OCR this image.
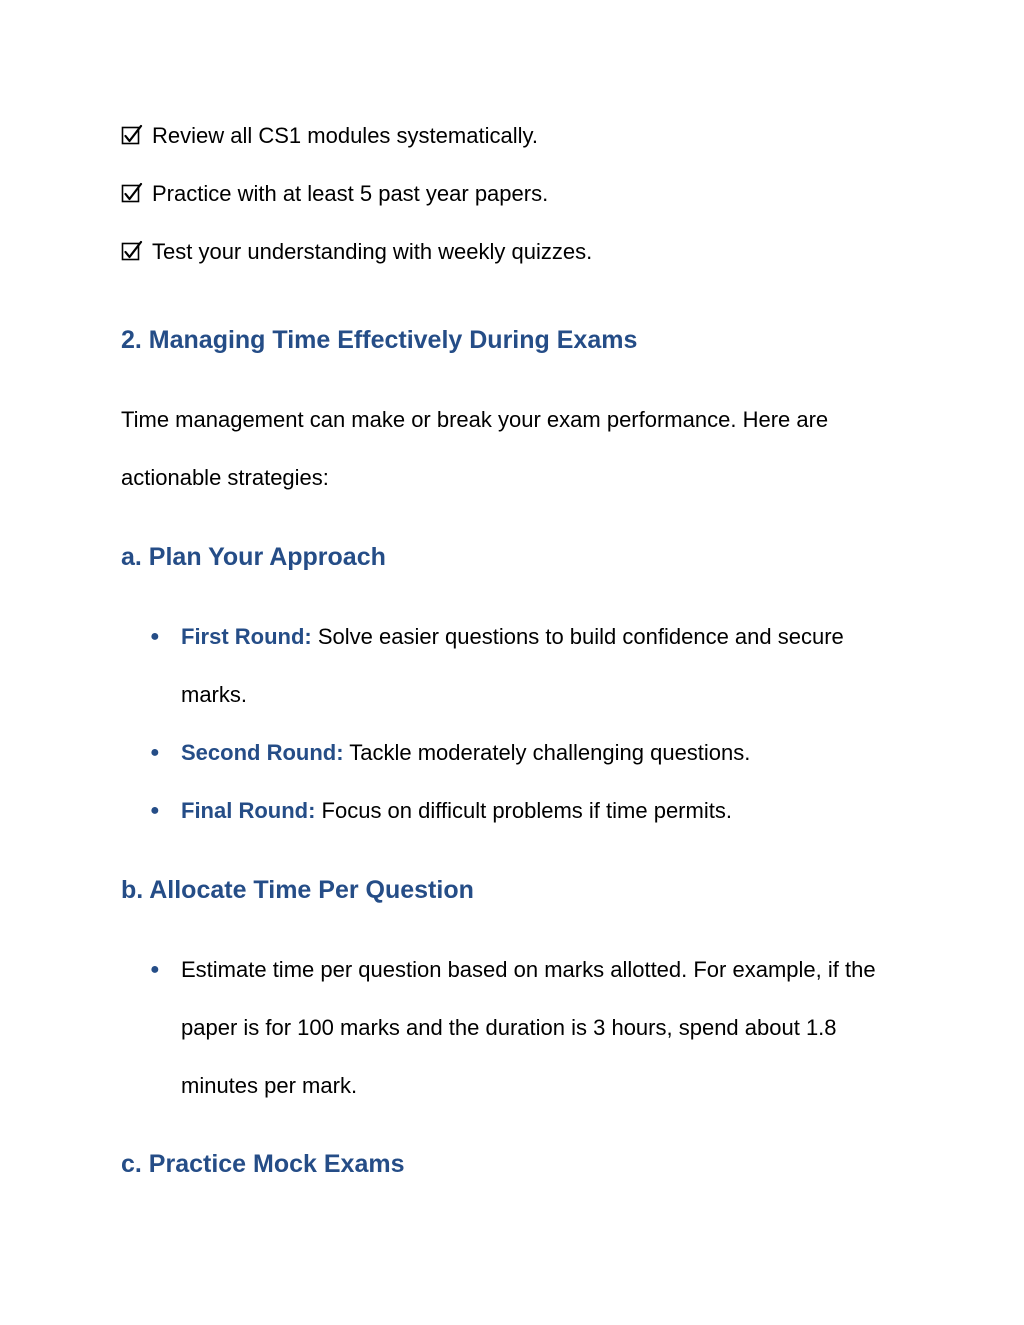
Review all CS1 modules systematically.
Practice with at least 5 past year papers.
Test your understanding with weekly quizzes.
2. Managing Time Effectively During Exams
Time management can make or break your exam performance. Here are actionable strategies:
a. Plan Your Approach
● First Round: Solve easier questions to build confidence and secure marks.
● Second Round: Tackle moderately challenging questions.
● Final Round: Focus on difficult problems if time permits.
b. Allocate Time Per Question
● Estimate time per question based on marks allotted. For example, if the paper is for 100 marks and the duration is 3 hours, spend about 1.8 minutes per mark.
c. Practice Mock Exams
